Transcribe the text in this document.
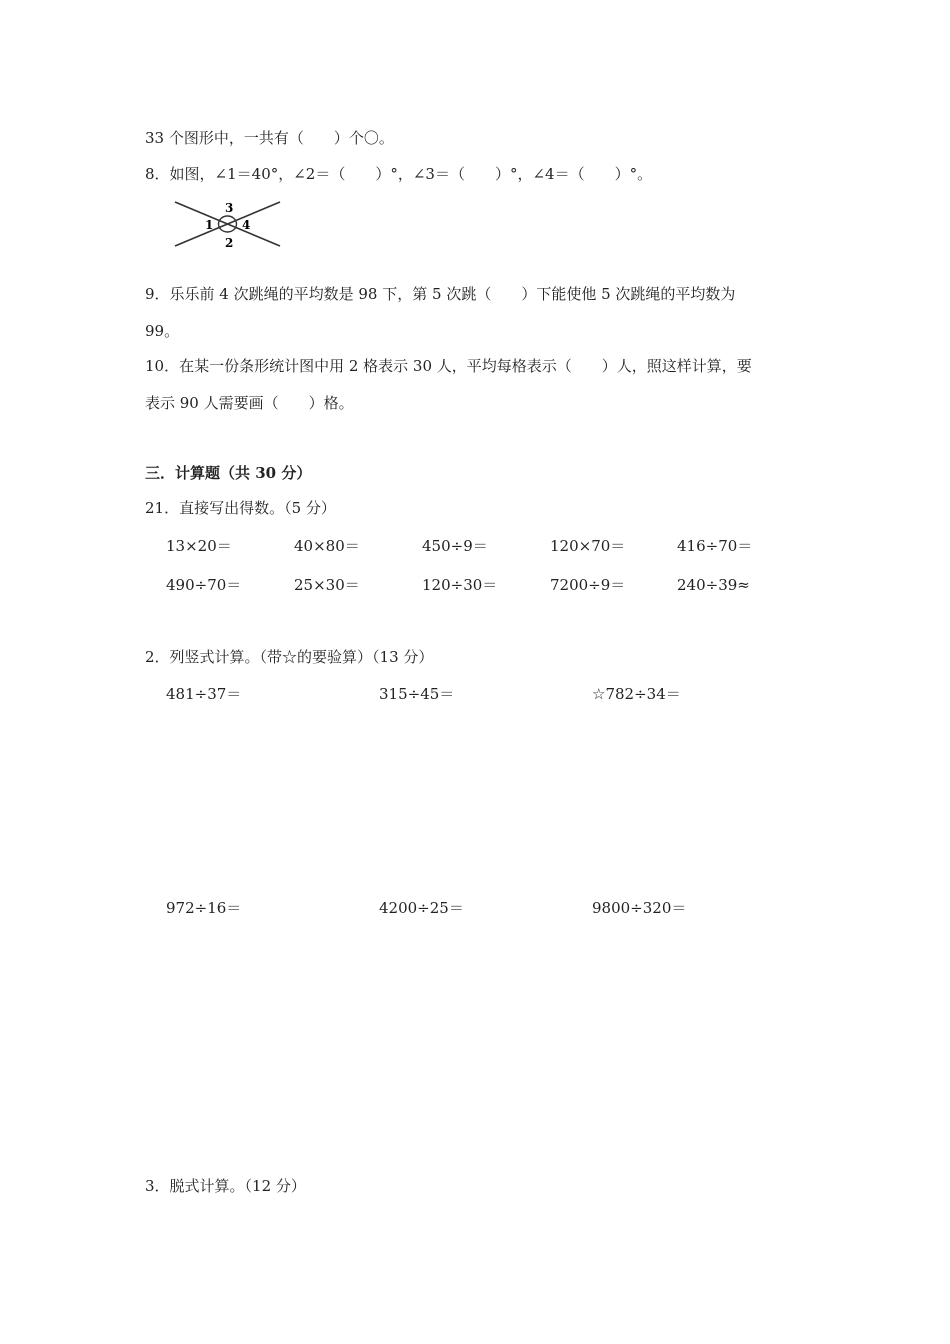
33 个图形中，一共有（　　）个〇。
8．如图，∠1＝40°，∠2＝（　　）°，∠3＝（　　）°，∠4＝（　　）°。
1
2
3
4
9．乐乐前 4 次跳绳的平均数是 98 下，第 5 次跳（　　）下能使他 5 次跳绳的平均数为
99。
10．在某一份条形统计图中用 2 格表示 30 人，平均每格表示（　　）人，照这样计算，要
表示 90 人需要画（　　）格。
三．计算题（共 30 分）
21．直接写出得数。（5 分）
13×20＝	40×80＝	450÷9＝	120×70＝	416÷70＝
490÷70＝	25×30＝	120÷30＝	7200÷9＝	240÷39≈
2．列竖式计算。（带☆的要验算）（13 分）
481÷37＝	315÷45＝	☆782÷34＝
972÷16＝	4200÷25＝	9800÷320＝
3．脱式计算。（12 分）
